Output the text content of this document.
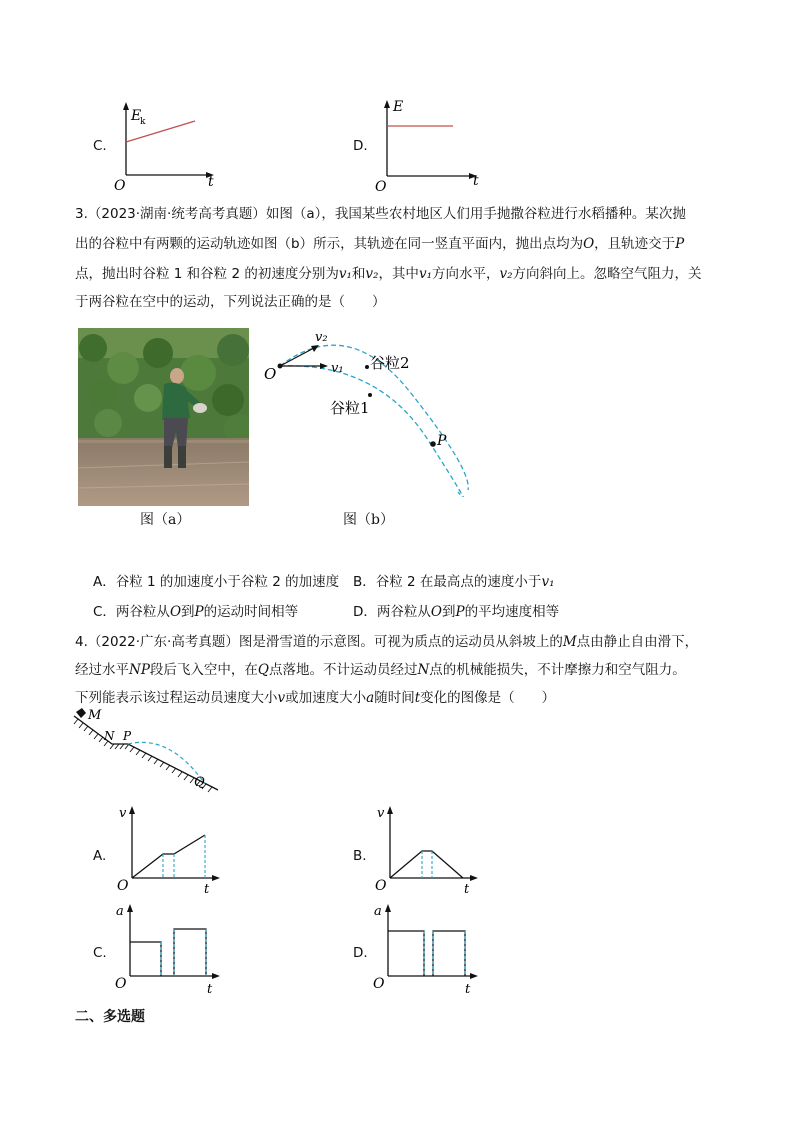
C.
E
k
O	t
D.
E
O	t
3.（2023·湖南·统考高考真题）如图（a），我国某些农村地区人们用手抛撒谷粒进行水稻播种。某次抛
出的谷粒中有两颗的运动轨迹如图（b）所示，其轨迹在同一竖直平面内，抛出点均为O，且轨迹交于P
点，抛出时谷粒 1 和谷粒 2 的初速度分别为v₁和v₂，其中v₁方向水平，v₂方向斜向上。忽略空气阻力，关
于两谷粒在空中的运动，下列说法正确的是（　　）
图（a）
O	v₁
v₂
谷粒2
谷粒1
P
图（b）
A．谷粒 1 的加速度小于谷粒 2 的加速度 B．谷粒 2 在最高点的速度小于v₁
C．两谷粒从O到P的运动时间相等	D．两谷粒从O到P的平均速度相等
4.（2022·广东·高考真题）图是滑雪道的示意图。可视为质点的运动员从斜坡上的M点由静止自由滑下，
经过水平NP段后飞入空中，在Q点落地。不计运动员经过N点的机械能损失，不计摩擦力和空气阻力。
下列能表示该过程运动员速度大小v或加速度大小a随时间t变化的图像是（　　）
M
N P
Q
A.
v
O	t
B.
v
O	t
C.
a
O	t
D.
a
O	t
二、多选题
